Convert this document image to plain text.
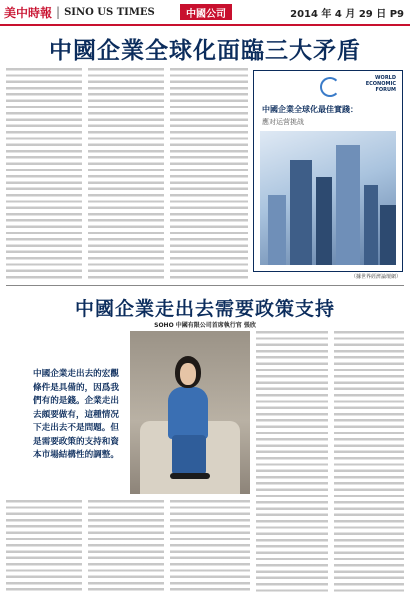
美中時報 | SINO US TIMES	中國公司	2014 年 4 月 29 日 P9
中國企業全球化面臨三大矛盾
WORLD
ECONOMIC
FORUM
中國企業全球化最佳實踐：
應对运营挑战
（據世界經濟論壇網）
中國企業走出去需要政策支持
SOHO 中國有限公司首席執行官 張欣
中國企業走出去的宏觀條件是具備的，因爲我們有的是錢。企業走出去頗要做有，這種情况下走出去不是問題。但是需要政策的支持和資本市場結構性的調整。
